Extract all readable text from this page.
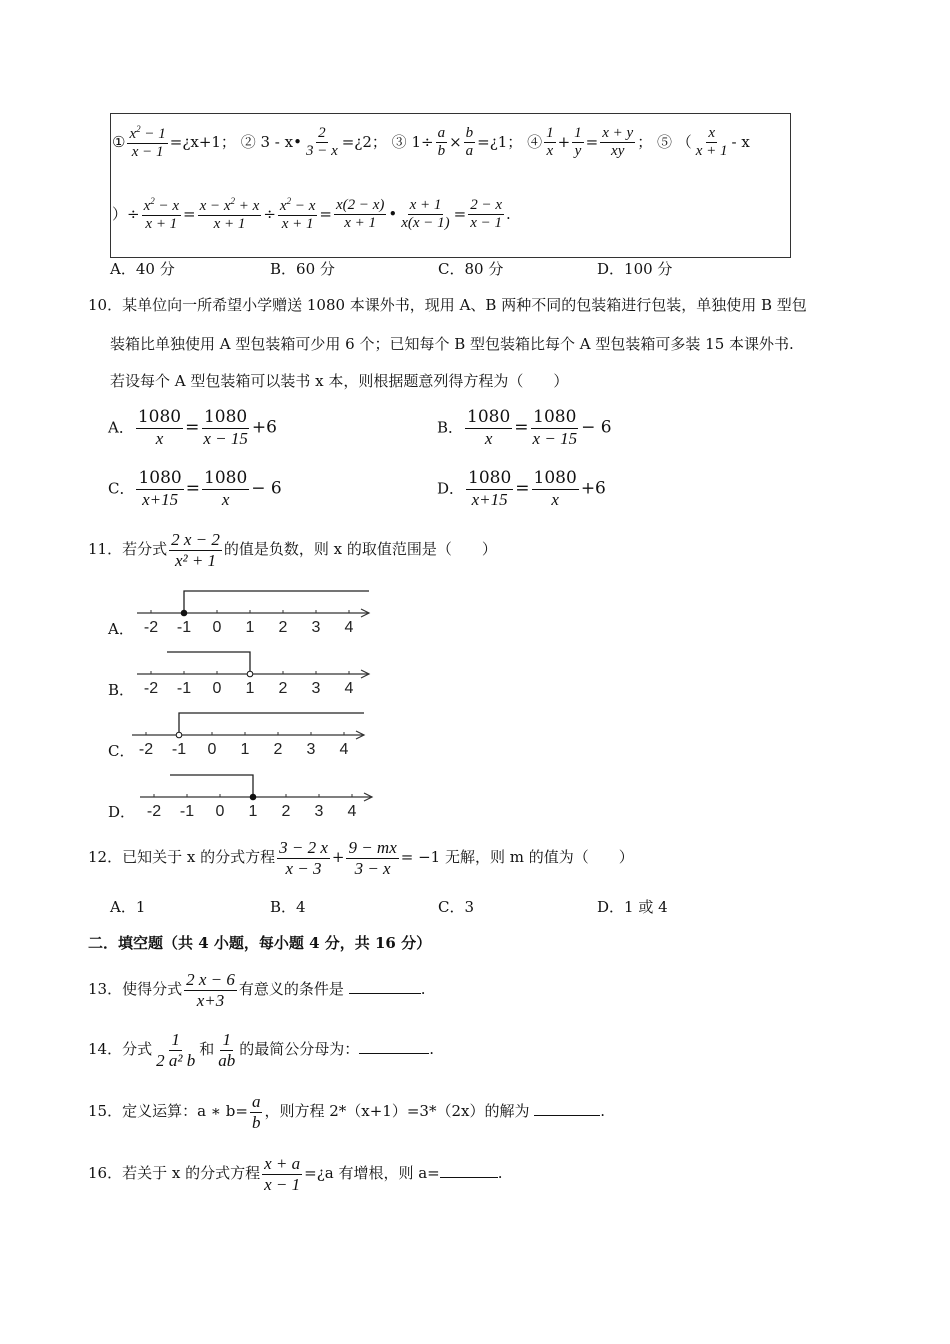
① $\frac{x^2 - 1}{x - 1}$ =¿x+1； ② 3 - x• $\frac{2}{3 - x}$ =¿2； ③ $1\div \frac{a}{b} \times \frac{b}{a}$ =¿1； ④ $\frac{1}{x} + \frac{1}{y} = \frac{x + y}{xy}$ ； ⑤ （ $\frac{x}{x + 1}$ - x
）÷ $\frac{x^2 - x}{x + 1} = \frac{x - x^2 + x}{x + 1} \div \frac{x^2 - x}{x + 1} = \frac{x(2 - x)}{x + 1}$ • $\frac{x + 1}{x(x - 1)} = \frac{2 - x}{x - 1}$ .
A．40 分	B．60 分	C．80 分	D．100 分
10．某单位向一所希望小学赠送 1080 本课外书，现用 A、B 两种不同的包装箱进行包装，单独使用 B 型包
装箱比单独使用 A 型包装箱可少用 6 个；已知每个 B 型包装箱比每个 A 型包装箱可多装 15 本课外书.
若设每个 A 型包装箱可以装书 x 本，则根据题意列得方程为（　　）
A． $\frac{1080}{x} = \frac{1080}{x - 15} +6$	B． $\frac{1080}{x} = \frac{1080}{x - 15} - 6$
C． $\frac{1080}{x+15} = \frac{1080}{x} - 6$	D． $\frac{1080}{x+15} = \frac{1080}{x} +6$
11．若分式 $\frac{2 x - 2}{\text{x² + 1}}$ 的值是负数，则 x 的取值范围是（　　）
A．
B．
C．
D．
-2 -1 0 1 2 3 4
-2 -1 0 1 2 3 4
-2 -1 0 1 2 3 4
-2 -1 0 1 2 3 4
12．已知关于 x 的分式方程 $\frac{3 - 2 x}{x - 3} + \frac{9 - mx}{3 - x} = -1$ 无解，则 m 的值为（　　）
A．1	B．4	C．3	D．1 或 4
二．填空题（共 4 小题，每小题 4 分，共 16 分）
13．使得分式 $\frac{2 x - 6}{x+3}$ 有意义的条件是	.
14．分式 $\frac{1}{\text{2 a² b}}$ 和 $\frac{1}{ab}$ 的最简公分母为：	.
15．定义运算：a ∗ $b= \frac{a}{b}$ ，则方程 2*（x+1）=3*（2x）的解为	.
16．若关于 x 的分式方程 $\frac{x + a}{x - 1}$ =¿a 有增根，则 a=	.
